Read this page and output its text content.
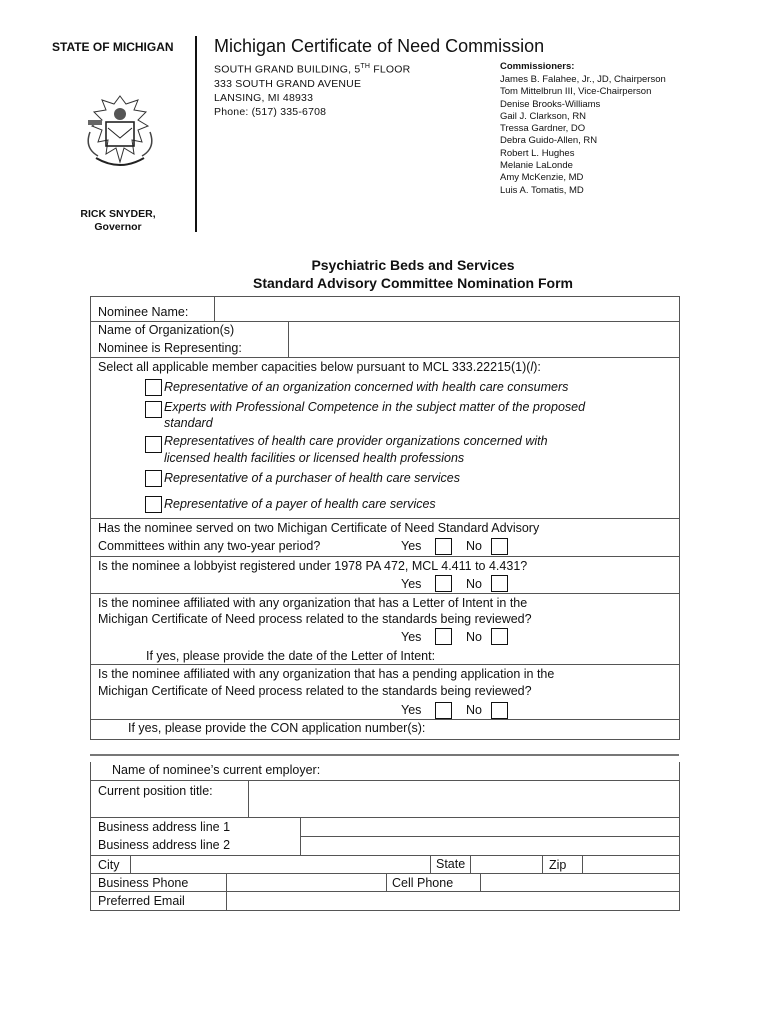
STATE OF MICHIGAN
RICK SNYDER,
Governor
Michigan Certificate of Need Commission
SOUTH GRAND BUILDING, 5TH FLOOR
333 SOUTH GRAND AVENUE
LANSING, MI 48933
Phone: (517) 335-6708
Commissioners:
James B. Falahee, Jr., JD, Chairperson
Tom Mittelbrun III, Vice-Chairperson
Denise Brooks-Williams
Gail J. Clarkson, RN
Tressa Gardner, DO
Debra Guido-Allen, RN
Robert L. Hughes
Melanie LaLonde
Amy McKenzie, MD
Luis A. Tomatis, MD
Psychiatric Beds and Services
Standard Advisory Committee Nomination Form
Nominee Name:
Name of Organization(s)
Nominee is Representing:
Select all applicable member capacities below pursuant to MCL 333.22215(1)(l):
Representative of an organization concerned with health care consumers
Experts with Professional Competence in the subject matter of the proposed
standard
Representatives of health care provider organizations concerned with
licensed health facilities or licensed health professions
Representative of a purchaser of health care services
Representative of a payer of health care services
Has the nominee served on two Michigan Certificate of Need Standard Advisory
Committees within any two-year period?	Yes	No
Is the nominee a lobbyist registered under 1978 PA 472, MCL 4.411 to 4.431?
Yes	No
Is the nominee affiliated with any organization that has a Letter of Intent in the
Michigan Certificate of Need process related to the standards being reviewed?
Yes	No
If yes, please provide the date of the Letter of Intent:
Is the nominee affiliated with any organization that has a pending application in the
Michigan Certificate of Need process related to the standards being reviewed?
Yes	No
If yes, please provide the CON application number(s):
Name of nominee’s current employer:
Current position title:
Business address line 1
Business address line 2
City	State	Zip
Business Phone	Cell Phone
Preferred Email
